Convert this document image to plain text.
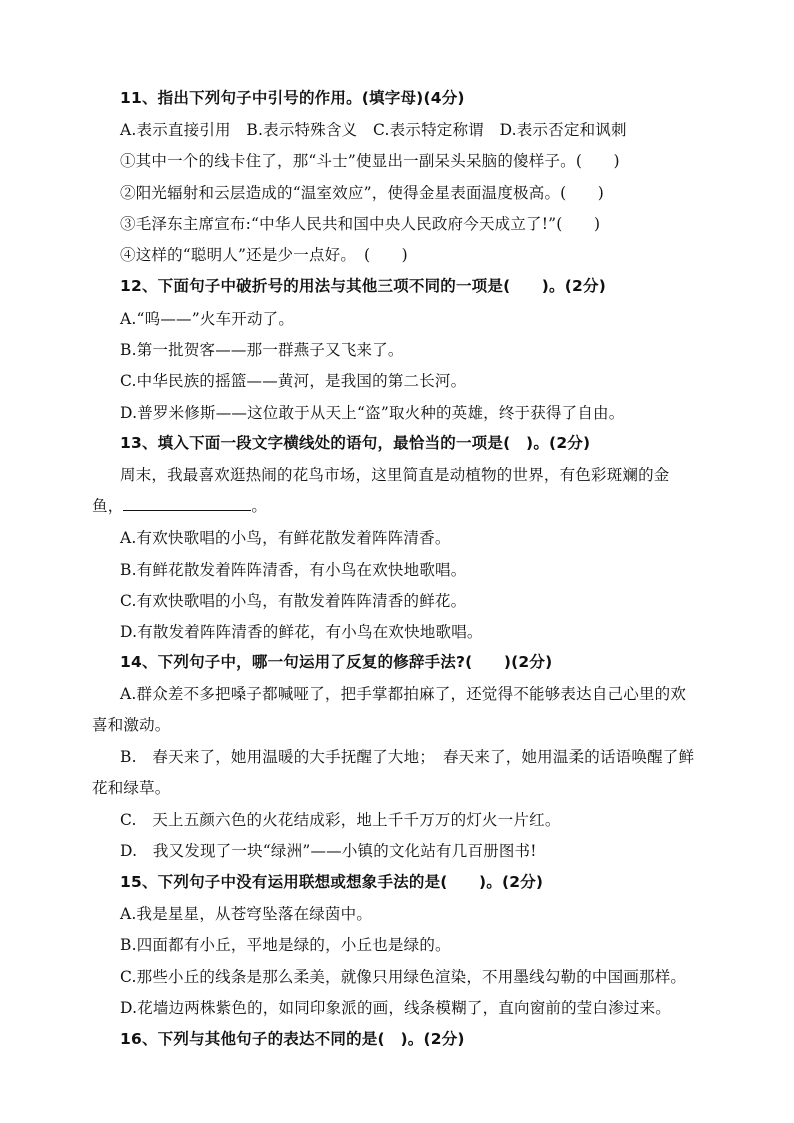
11、指出下列句子中引号的作用。(填字母)(4分)
A.表示直接引用　B.表示特殊含义　C.表示特定称谓　D.表示否定和讽刺
①其中一个的线卡住了，那“斗士”使显出一副呆头呆脑的傻样子。(　　)
②阳光辐射和云层造成的“温室效应”，使得金星表面温度极高。(　　)
③毛泽东主席宣布:“中华人民共和国中央人民政府今天成立了!”(　　)
④这样的“聪明人”还是少一点好。　(　　)
12、下面句子中破折号的用法与其他三项不同的一项是(　　)。(2分)
A.“呜——”火车开动了。
B.第一批贺客——那一群燕子又飞来了。
C.中华民族的摇篮——黄河，是我国的第二长河。
D.普罗米修斯——这位敢于从天上“盗”取火种的英雄，终于获得了自由。
13、填入下面一段文字横线处的语句，最恰当的一项是(　)。(2分)
周末，我最喜欢逛热闹的花鸟市场，这里简直是动植物的世界，有色彩斑斓的金
鱼，	。
A.有欢快歌唱的小鸟，有鲜花散发着阵阵清香。
B.有鲜花散发着阵阵清香，有小鸟在欢快地歌唱。
C.有欢快歌唱的小鸟，有散发着阵阵清香的鲜花。
D.有散发着阵阵清香的鲜花，有小鸟在欢快地歌唱。
14、下列句子中，哪一句运用了反复的修辞手法?(　　)(2分)
A.群众差不多把嗓子都喊哑了，把手掌都拍麻了，还觉得不能够表达自己心里的欢
喜和激动。
B.　春天来了，她用温暖的大手抚醒了大地；　春天来了，她用温柔的话语唤醒了鲜
花和绿草。
C.　天上五颜六色的火花结成彩，地上千千万万的灯火一片红。
D.　我又发现了一块“绿洲”——小镇的文化站有几百册图书!
15、下列句子中没有运用联想或想象手法的是(　　)。(2分)
A.我是星星，从苍穹坠落在绿茵中。
B.四面都有小丘，平地是绿的，小丘也是绿的。
C.那些小丘的线条是那么柔美，就像只用绿色渲染，不用墨线勾勒的中国画那样。
D.花墙边两株紫色的，如同印象派的画，线条模糊了，直向窗前的莹白渗过来。
16、下列与其他句子的表达不同的是(　)。(2分)
